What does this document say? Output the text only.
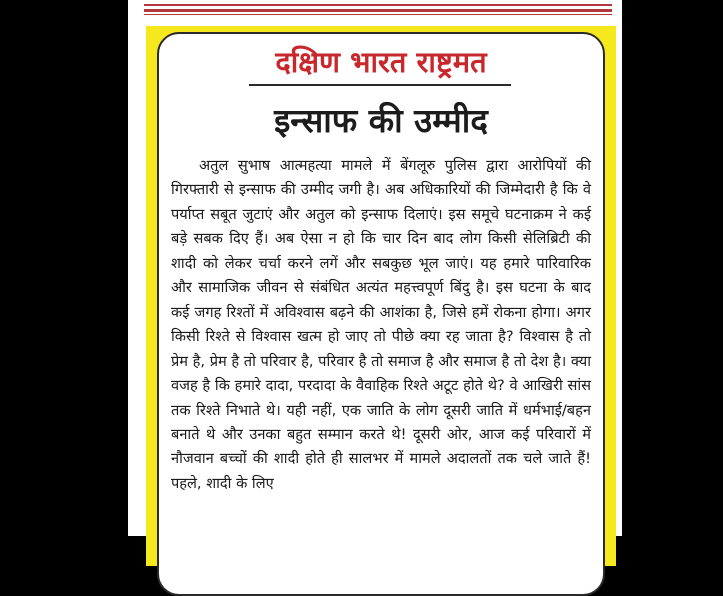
दक्षिण भारत राष्ट्रमत
इन्साफ की उम्मीद

अतुल सुभाष आत्महत्या मामले में बेंगलूरु पुलिस द्वारा आरोपियों की गिरफ्तारी से इन्साफ की उम्मीद जगी है। अब अधिकारियों की जिम्मेदारी है कि वे पर्याप्त सबूत जुटाएं और अतुल को इन्साफ दिलाएं। इस समूचे घटनाक्रम ने कई बड़े सबक दिए हैं। अब ऐसा न हो कि चार दिन बाद लोग किसी सेलिब्रिटी की शादी को लेकर चर्चा करने लगें और सबकुछ भूल जाएं। यह हमारे पारिवारिक और सामाजिक जीवन से संबंधित अत्यंत महत्त्वपूर्ण बिंदु है। इस घटना के बाद कई जगह रिश्तों में अविश्वास बढ़ने की आशंका है, जिसे हमें रोकना होगा। अगर किसी रिश्ते से विश्वास खत्म हो जाए तो पीछे क्या रह जाता है? विश्वास है तो प्रेम है, प्रेम है तो परिवार है, परिवार है तो समाज है और समाज है तो देश है। क्या वजह है कि हमारे दादा, परदादा के वैवाहिक रिश्ते अटूट होते थे? वे आखिरी सांस तक रिश्ते निभाते थे। यही नहीं, एक जाति के लोग दूसरी जाति में धर्मभाई/बहन बनाते थे और उनका बहुत सम्मान करते थे! दूसरी ओर, आज कई परिवारों में नौजवान बच्चों की शादी होते ही सालभर में मामले अदालतों तक चले जाते हैं! पहले, शादी के लिए
